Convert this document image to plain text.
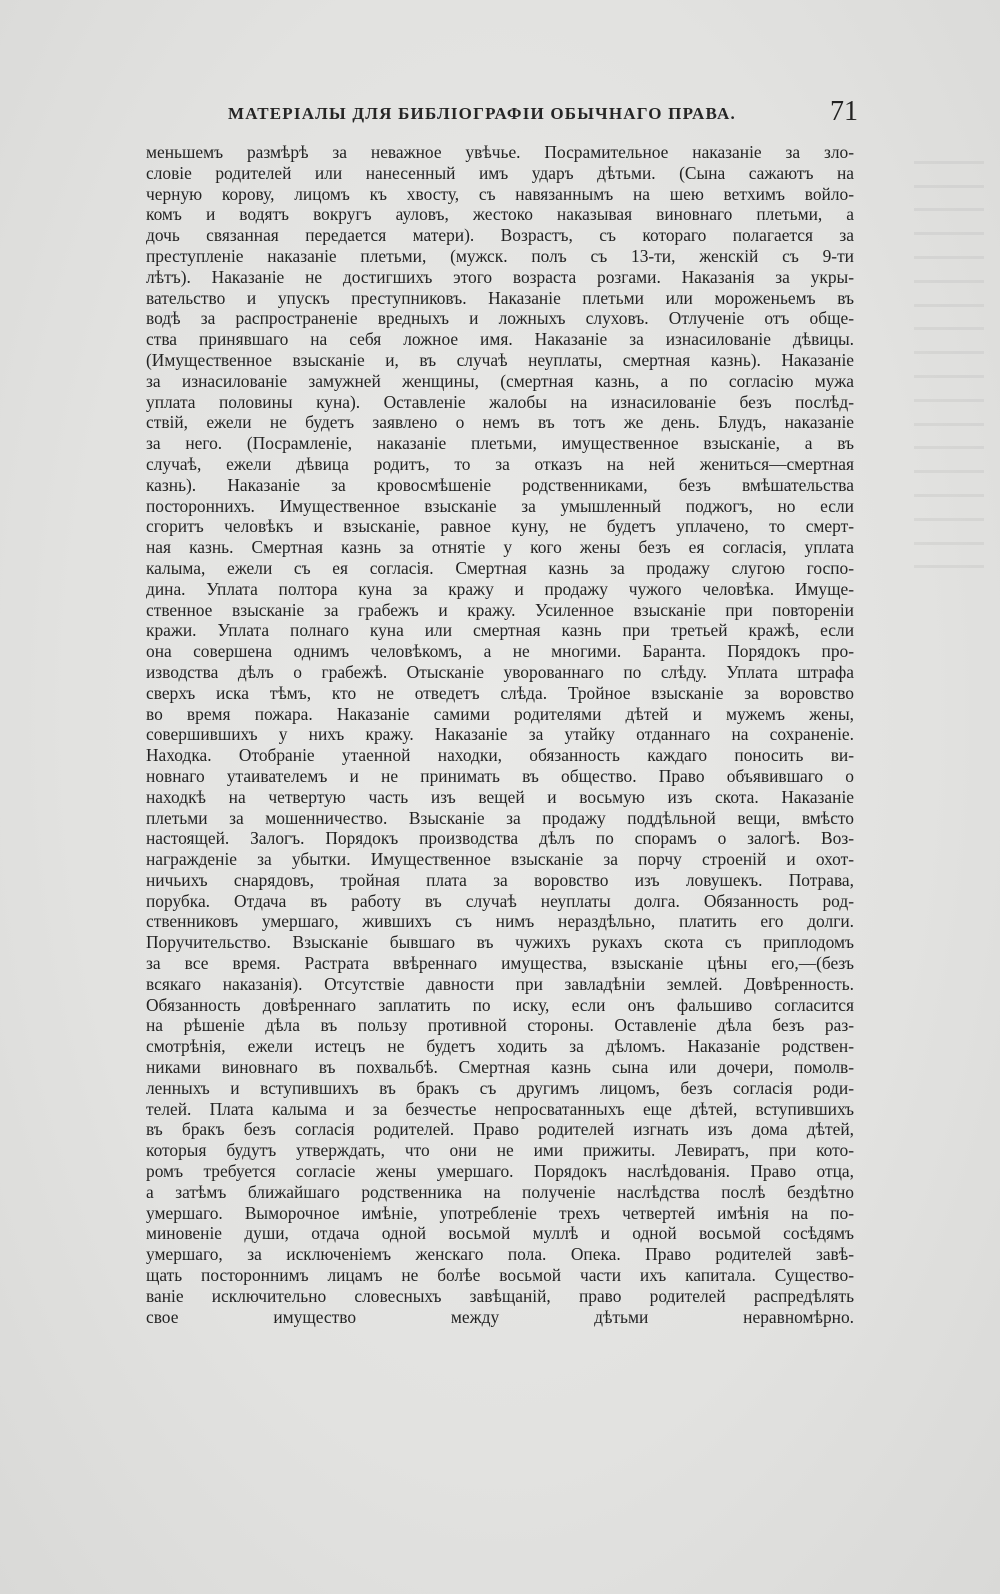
МАТЕРIАЛЫ ДЛЯ БИБЛIОГРАФIИ ОБЫЧНАГО ПРАВА.	71
меньшемъ размѣрѣ за неважное увѣчье. Посрамительное наказанiе за зло-
словiе родителей или нанесенный имъ ударъ дѣтьми. (Сына сажаютъ на
черную корову, лицомъ къ хвосту, съ навязаннымъ на шею ветхимъ войло-
комъ и водятъ вокругъ ауловъ, жестоко наказывая виновнаго плетьми, а
дочь связанная передается матери). Возрастъ, съ котораго полагается за
преступленiе наказанiе плетьми, (мужск. полъ съ 13-ти, женскiй съ 9-ти
лѣтъ). Наказанiе не достигшихъ этого возраста розгами. Наказанiя за укры-
вательство и упускъ преступниковъ. Наказанiе плетьми или мороженьемъ въ
водѣ за распространенiе вредныхъ и ложныхъ слуховъ. Отлученiе отъ обще-
ства принявшаго на себя ложное имя. Наказанiе за изнасилованiе дѣвицы.
(Имущественное взысканiе и, въ случаѣ неуплаты, смертная казнь). Наказанiе
за изнасилованiе замужней женщины, (смертная казнь, а по согласiю мужа
уплата половины куна). Оставленiе жалобы на изнасилованiе безъ послѣд-
ствiй, ежели не будетъ заявлено о немъ въ тотъ же день. Блудъ, наказанiе
за него. (Посрамленiе, наказанiе плетьми, имущественное взысканiе, а въ
случаѣ, ежели дѣвица родитъ, то за отказъ на ней жениться—смертная
казнь). Наказанiе за кровосмѣшенiе родственниками, безъ вмѣшательства
постороннихъ. Имущественное взысканiе за умышленный поджогъ, но если
сгоритъ человѣкъ и взысканiе, равное куну, не будетъ уплачено, то смерт-
ная казнь. Смертная казнь за отнятiе у кого жены безъ ея согласiя, уплата
калыма, ежели съ ея согласiя. Смертная казнь за продажу слугою госпо-
дина. Уплата полтора куна за кражу и продажу чужого человѣка. Имуще-
ственное взысканiе за грабежъ и кражу. Усиленное взысканiе при повторенiи
кражи. Уплата полнаго куна или смертная казнь при третьей кражѣ, если
она совершена однимъ человѣкомъ, а не многими. Баранта. Порядокъ про-
изводства дѣлъ о грабежѣ. Отысканiе уворованнаго по слѣду. Уплата штрафа
сверхъ иска тѣмъ, кто не отведетъ слѣда. Тройное взысканiе за воровство
во время пожара. Наказанiе самими родителями дѣтей и мужемъ жены,
совершившихъ у нихъ кражу. Наказанiе за утайку отданнаго на сохраненiе.
Находка. Отобранiе утаенной находки, обязанность каждаго поносить ви-
новнаго утаивателемъ и не принимать въ общество. Право объявившаго о
находкѣ на четвертую часть изъ вещей и восьмую изъ скота. Наказанiе
плетьми за мошенничество. Взысканiе за продажу поддѣльной вещи, вмѣсто
настоящей. Залогъ. Порядокъ производства дѣлъ по спорамъ о залогѣ. Воз-
награжденiе за убытки. Имущественное взысканiе за порчу строенiй и охот-
ничьихъ снарядовъ, тройная плата за воровство изъ ловушекъ. Потрава,
порубка. Отдача въ работу въ случаѣ неуплаты долга. Обязанность род-
ственниковъ умершаго, жившихъ съ нимъ нераздѣльно, платить его долги.
Поручительство. Взысканiе бывшаго въ чужихъ рукахъ скота съ приплодомъ
за все время. Растрата ввѣреннаго имущества, взысканiе цѣны его,—(безъ
всякаго наказанiя). Отсутствiе давности при завладѣнiи землей. Довѣренность.
Обязанность довѣреннаго заплатить по иску, если онъ фальшиво согласится
на рѣшенiе дѣла въ пользу противной стороны. Оставленiе дѣла безъ раз-
смотрѣнiя, ежели истецъ не будетъ ходить за дѣломъ. Наказанiе родствен-
никами виновнаго въ похвальбѣ. Смертная казнь сына или дочери, помолв-
ленныхъ и вступившихъ въ бракъ съ другимъ лицомъ, безъ согласiя роди-
телей. Плата калыма и за безчестье непросватанныхъ еще дѣтей, вступившихъ
въ бракъ безъ согласiя родителей. Право родителей изгнать изъ дома дѣтей,
которыя будутъ утверждать, что они не ими прижиты. Левиратъ, при кото-
ромъ требуется согласiе жены умершаго. Порядокъ наслѣдованiя. Право отца,
а затѣмъ ближайшаго родственника на полученiе наслѣдства послѣ бездѣтно
умершаго. Выморочное имѣнiе, употребленiе трехъ четвертей имѣнiя на по-
миновенiе души, отдача одной восьмой муллѣ и одной восьмой сосѣдямъ
умершаго, за исключенiемъ женскаго пола. Опека. Право родителей завѣ-
щать постороннимъ лицамъ не болѣе восьмой части ихъ капитала. Существо-
ванiе исключительно словесныхъ завѣщанiй, право родителей распредѣлять
свое имущество между дѣтьми неравномѣрно.
